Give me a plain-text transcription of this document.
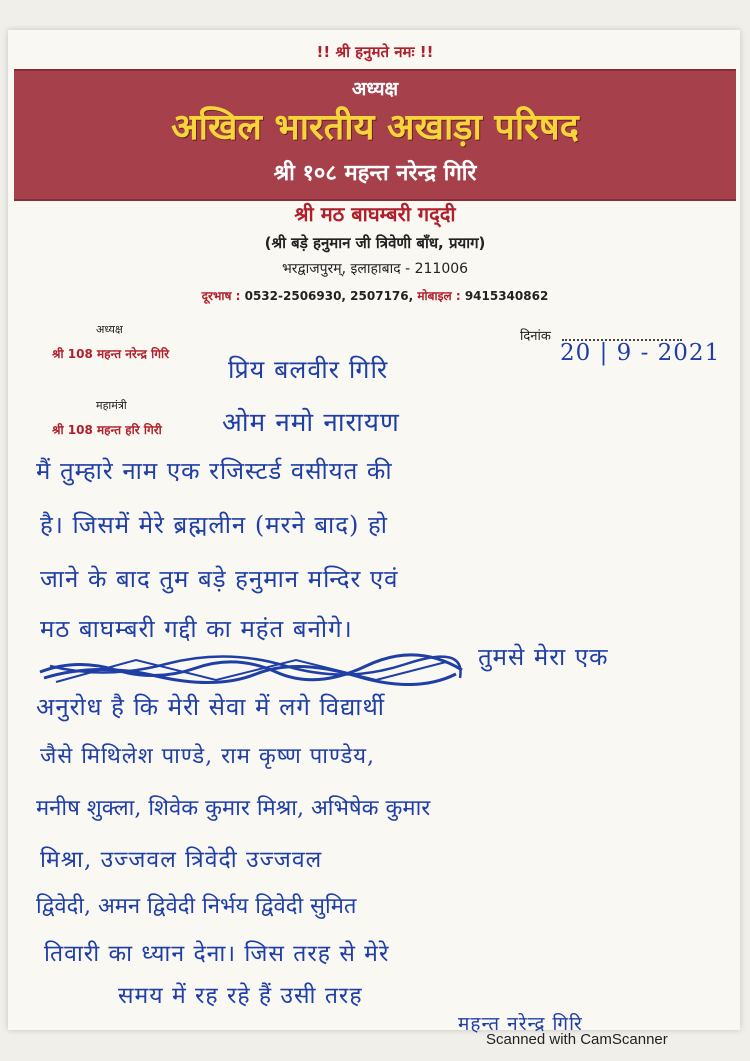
!! श्री हनुमते नमः !!
अध्यक्ष
अखिल भारतीय अखाड़ा परिषद
श्री १०८ महन्त नरेन्द्र गिरि
श्री मठ बाघम्बरी गद्‌दी
(श्री बड़े हनुमान जी त्रिवेणी बाँध, प्रयाग)
भरद्वाजपुरम्, इलाहाबाद - 211006
दूरभाष : 0532-2506930, 2507176, मोबाइल : 9415340862
अध्यक्ष
श्री 108 महन्त नरेन्द्र गिरि
महामंत्री
श्री 108 महन्त हरि गिरी
दिनांक
20 | 9 - 2021
प्रिय बलवीर गिरि
ओम नमो नारायण
मैं तुम्हारे नाम एक रजिस्टर्ड वसीयत की
है। जिसमें मेरे ब्रह्मलीन (मरने बाद) हो
जाने के बाद तुम बड़े हनुमान मन्दिर एवं
मठ बाघम्बरी गद्दी का महंत बनोगे।
तुमसे मेरा एक
अनुरोध है कि मेरी सेवा में लगे विद्यार्थी
जैसे मिथिलेश पाण्डे, राम कृष्ण पाण्डेय,
मनीष शुक्ला, शिवेक कुमार मिश्रा, अभिषेक कुमार
मिश्रा, उज्जवल त्रिवेदी उज्जवल
द्विवेदी, अमन द्विवेदी निर्भय द्विवेदी सुमित
तिवारी का ध्यान देना। जिस तरह से मेरे
समय में रह रहे हैं उसी तरह
महन्त नरेन्द्र गिरि
Scanned with CamScanner
